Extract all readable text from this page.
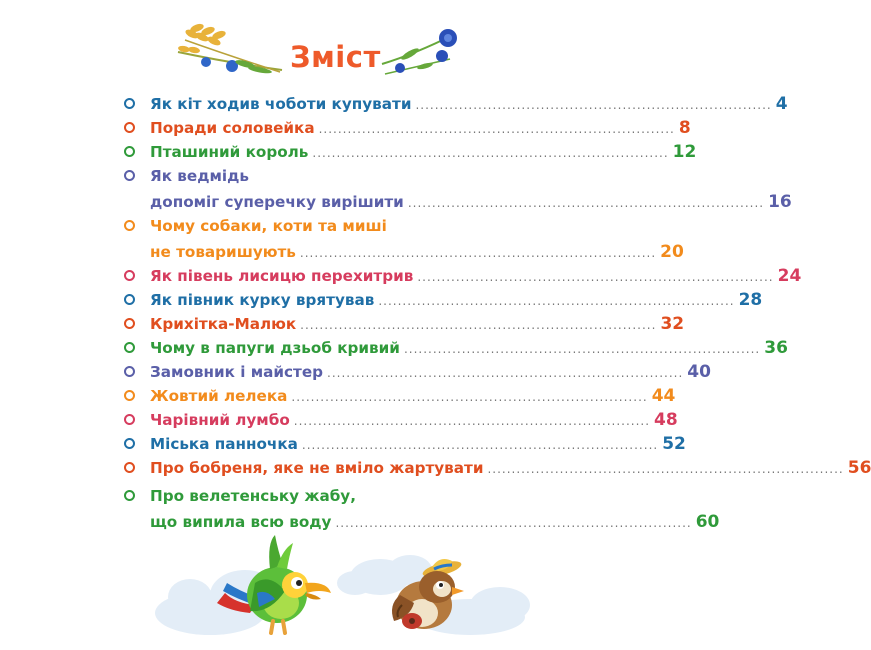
Зміст
Як кіт ходив чоботи купувати .......................................................................... 4
Поради соловейка .......................................................................... 8
Пташиний король .......................................................................... 12
Як ведмідь
допоміг суперечку вирішити .......................................................................... 16
Чому собаки, коти та миші
не товаришують .......................................................................... 20
Як півень лисицю перехитрив .......................................................................... 24
Як півник курку врятував .......................................................................... 28
Крихітка-Малюк .......................................................................... 32
Чому в папуги дзьоб кривий .......................................................................... 36
Замовник і майстер .......................................................................... 40
Жовтий лелека .......................................................................... 44
Чарівний лумбо .......................................................................... 48
Міська панночка .......................................................................... 52
Про бобреня, яке не вміло жартувати .......................................................................... 56
Про велетенську жабу,
що випила всю воду .......................................................................... 60
